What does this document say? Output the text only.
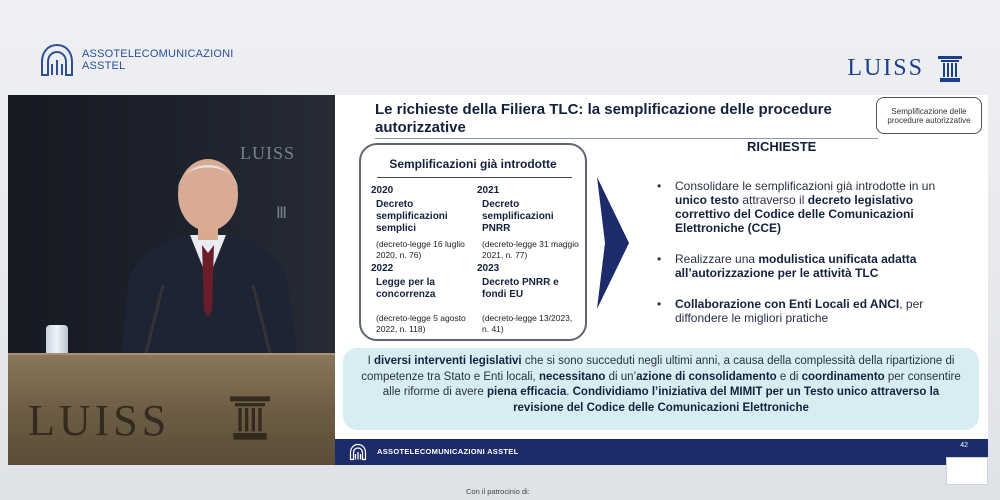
ASSOTELECOMUNICAZIONI
ASSTEL	LUISS
LUISS
Ⅲ
LUISS
Le richieste della Filiera TLC: la semplificazione delle procedure autorizzative
Semplificazione delle procedure autorizzative
Semplificazioni già introdotte
2020
Decreto semplificazioni semplici
(decreto-legge 16 luglio 2020, n. 76)
2021
Decreto semplificazioni PNRR
(decreto-legge 31 maggio 2021, n. 77)
2022
Legge per la concorrenza
(decreto-legge 5 agosto 2022, n. 118)
2023
Decreto PNRR e fondi EU
(decreto-legge 13/2023, n. 41)
RICHIESTE
• Consolidare le semplificazioni già introdotte in un unico testo attraverso il decreto legislativo correttivo del Codice delle Comunicazioni Elettroniche (CCE)
• Realizzare una modulistica unificata adatta all’autorizzazione per le attività TLC
• Collaborazione con Enti Locali ed ANCI, per diffondere le migliori pratiche
I diversi interventi legislativi che si sono succeduti negli ultimi anni, a causa della complessità della ripartizione di competenze tra Stato e Enti locali, necessitano di un’azione di consolidamento e di coordinamento per consentire alle riforme di avere piena efficacia. Condividiamo l’iniziativa del MIMIT per un Testo unico attraverso la revisione del Codice delle Comunicazioni Elettroniche
ASSOTELECOMUNICAZIONI ASSTEL
42
Con il patrocinio di:
